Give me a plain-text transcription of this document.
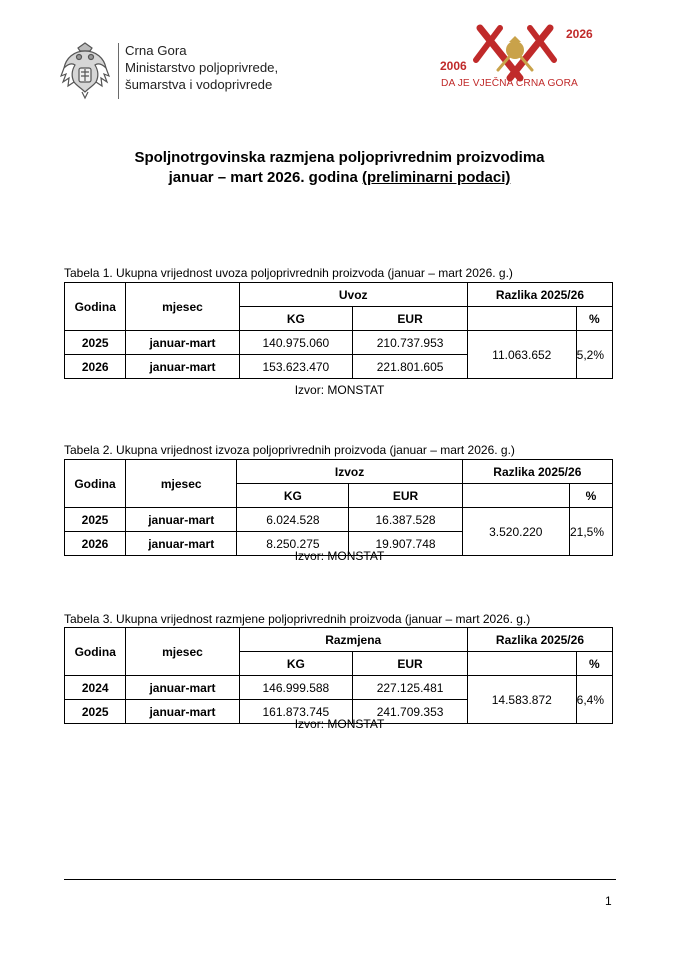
Crna Gora
Ministarstvo poljoprivrede,
šumarstva i vodoprivrede
2006
2026
DA JE VJEČNA CRNA GORA
Spoljnotrgovinska razmjena poljoprivrednim proizvodima
januar – mart 2026. godina (preliminarni podaci)
Tabela 1. Ukupna vrijednost uvoza poljoprivrednih proizvoda (januar – mart 2026. g.)
Godina	mjesec	Uvoz		Razlika 2025/26	
		KG	EUR		%
2025	januar-mart	140.975.060	210.737.953	11.063.652	5,2%
2026	januar-mart	153.623.470	221.801.605		
Izvor: MONSTAT
Tabela 2. Ukupna vrijednost izvoza poljoprivrednih proizvoda (januar – mart 2026. g.)
Godina	mjesec	Izvoz		Razlika 2025/26	
		KG	EUR		%
2025	januar-mart	6.024.528	16.387.528	3.520.220	21,5%
2026	januar-mart	8.250.275	19.907.748		
Izvor: MONSTAT
Tabela 3. Ukupna vrijednost razmjene poljoprivrednih proizvoda (januar – mart 2026. g.)
Godina	mjesec	Razmjena		Razlika 2025/26	
		KG	EUR		%
2024	januar-mart	146.999.588	227.125.481	14.583.872	6,4%
2025	januar-mart	161.873.745	241.709.353		
Izvor: MONSTAT
1
